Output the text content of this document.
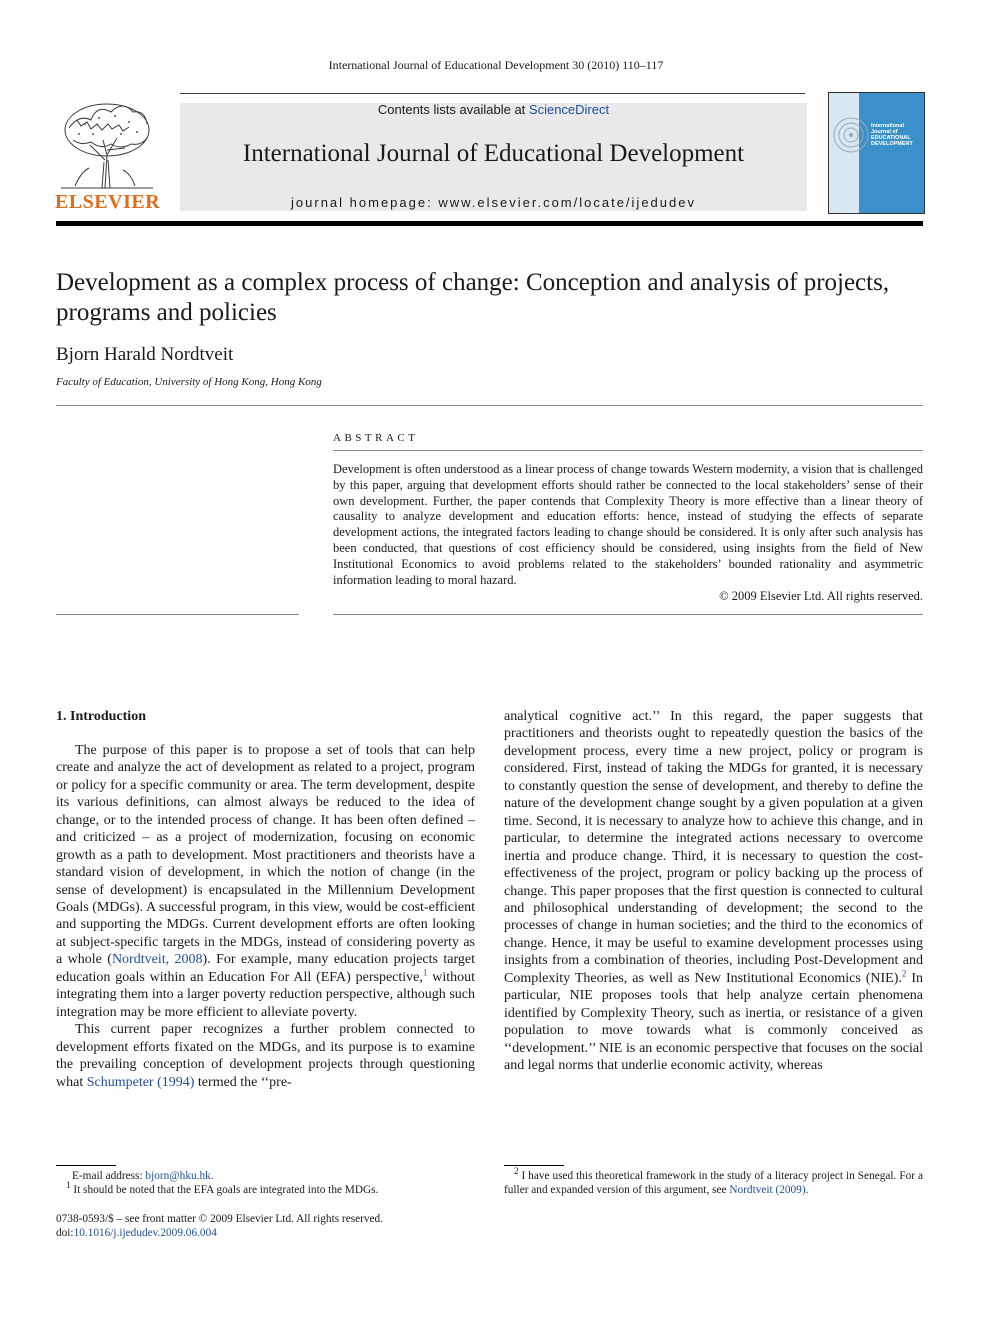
International Journal of Educational Development 30 (2010) 110–117
ELSEVIER
Contents lists available at ScienceDirect
International Journal of Educational Development
journal homepage: www.elsevier.com/locate/ijedudev
International Journal of EDUCATIONAL DEVELOPMENT
Development as a complex process of change: Conception and analysis of projects, programs and policies
Bjorn Harald Nordtveit
Faculty of Education, University of Hong Kong, Hong Kong
ABSTRACT
Development is often understood as a linear process of change towards Western modernity, a vision that is challenged by this paper, arguing that development efforts should rather be connected to the local stakeholders’ sense of their own development. Further, the paper contends that Complexity Theory is more effective than a linear theory of causality to analyze development and education efforts: hence, instead of studying the effects of separate development actions, the integrated factors leading to change should be considered. It is only after such analysis has been conducted, that questions of cost efficiency should be considered, using insights from the field of New Institutional Economics to avoid problems related to the stakeholders’ bounded rationality and asymmetric information leading to moral hazard.
© 2009 Elsevier Ltd. All rights reserved.

1. Introduction

The purpose of this paper is to propose a set of tools that can help create and analyze the act of development as related to a project, program or policy for a specific community or area. The term development, despite its various definitions, can almost always be reduced to the idea of change, or to the intended process of change. It has been often defined – and criticized – as a project of modernization, focusing on economic growth as a path to development. Most practitioners and theorists have a standard vision of development, in which the notion of change (in the sense of development) is encapsulated in the Millennium Development Goals (MDGs). A successful program, in this view, would be cost-efficient and supporting the MDGs. Current development efforts are often looking at subject-specific targets in the MDGs, instead of considering poverty as a whole (Nordtveit, 2008). For example, many education projects target education goals within an Education For All (EFA) perspective,$^1$ without integrating them into a larger poverty reduction perspective, although such integration may be more efficient to alleviate poverty.

This current paper recognizes a further problem connected to development efforts fixated on the MDGs, and its purpose is to examine the prevailing conception of development projects through questioning what Schumpeter (1994) termed the ‘‘pre-

analytical cognitive act.’’ In this regard, the paper suggests that practitioners and theorists ought to repeatedly question the basics of the development process, every time a new project, policy or program is considered. First, instead of taking the MDGs for granted, it is necessary to constantly question the sense of development, and thereby to define the nature of the development change sought by a given population at a given time. Second, it is necessary to analyze how to achieve this change, and in particular, to determine the integrated actions necessary to overcome inertia and produce change. Third, it is necessary to question the cost-effectiveness of the project, program or policy backing up the process of change. This paper proposes that the first question is connected to cultural and philosophical understanding of development; the second to the processes of change in human societies; and the third to the economics of change. Hence, it may be useful to examine development processes using insights from a combination of theories, including Post-Development and Complexity Theories, as well as New Institutional Economics (NIE).$^2$ In particular, NIE proposes tools that help analyze certain phenomena identified by Complexity Theory, such as inertia, or resistance of a given population to move towards what is commonly conceived as ‘‘development.’’ NIE is an economic perspective that focuses on the social and legal norms that underlie economic activity, whereas

E-mail address: bjorn@hku.hk.
$^1$ It should be noted that the EFA goals are integrated into the MDGs.
$^2$ I have used this theoretical framework in the study of a literacy project in Senegal. For a fuller and expanded version of this argument, see Nordtveit (2009).
0738-0593/$ – see front matter © 2009 Elsevier Ltd. All rights reserved.
doi:10.1016/j.ijedudev.2009.06.004
